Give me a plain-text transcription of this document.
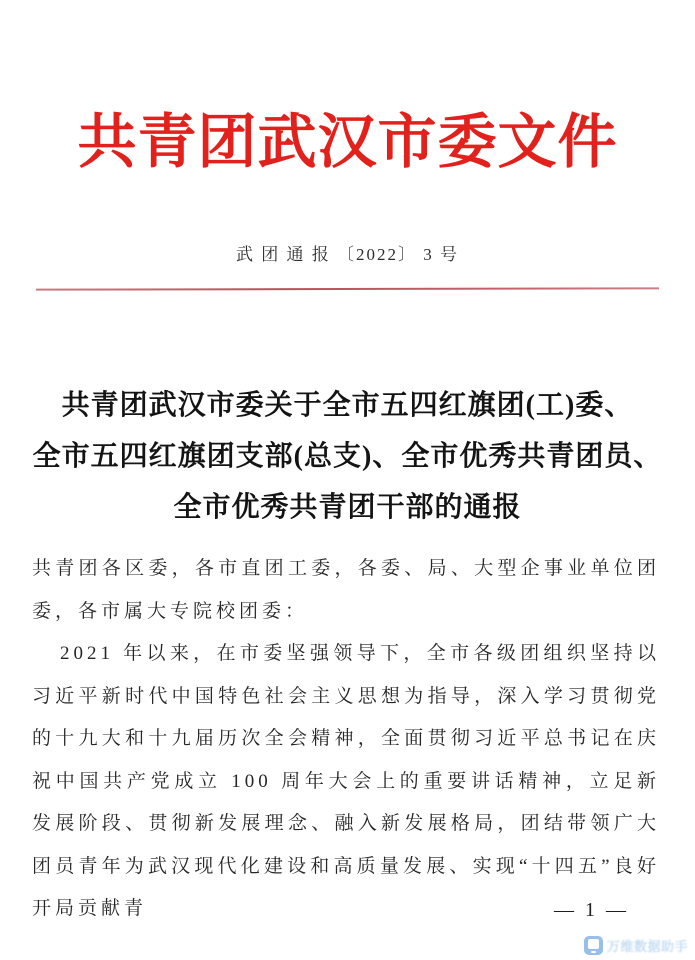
共青团武汉市委文件
武 团 通 报 〔2022〕 3 号
共青团武汉市委关于全市五四红旗团(工)委、
全市五四红旗团支部(总支)、全市优秀共青团员、
全市优秀共青团干部的通报

共青团各区委，各市直团工委，各委、局、大型企事业单位团委，各市属大专院校团委：

2021 年以来，在市委坚强领导下，全市各级团组织坚持以习近平新时代中国特色社会主义思想为指导，深入学习贯彻党的十九大和十九届历次全会精神，全面贯彻习近平总书记在庆祝中国共产党成立 100 周年大会上的重要讲话精神，立足新发展阶段、贯彻新发展理念、融入新发展格局，团结带领广大团员青年为武汉现代化建设和高质量发展、实现“十四五”良好开局贡献青	— 1 —
万维数据助手
